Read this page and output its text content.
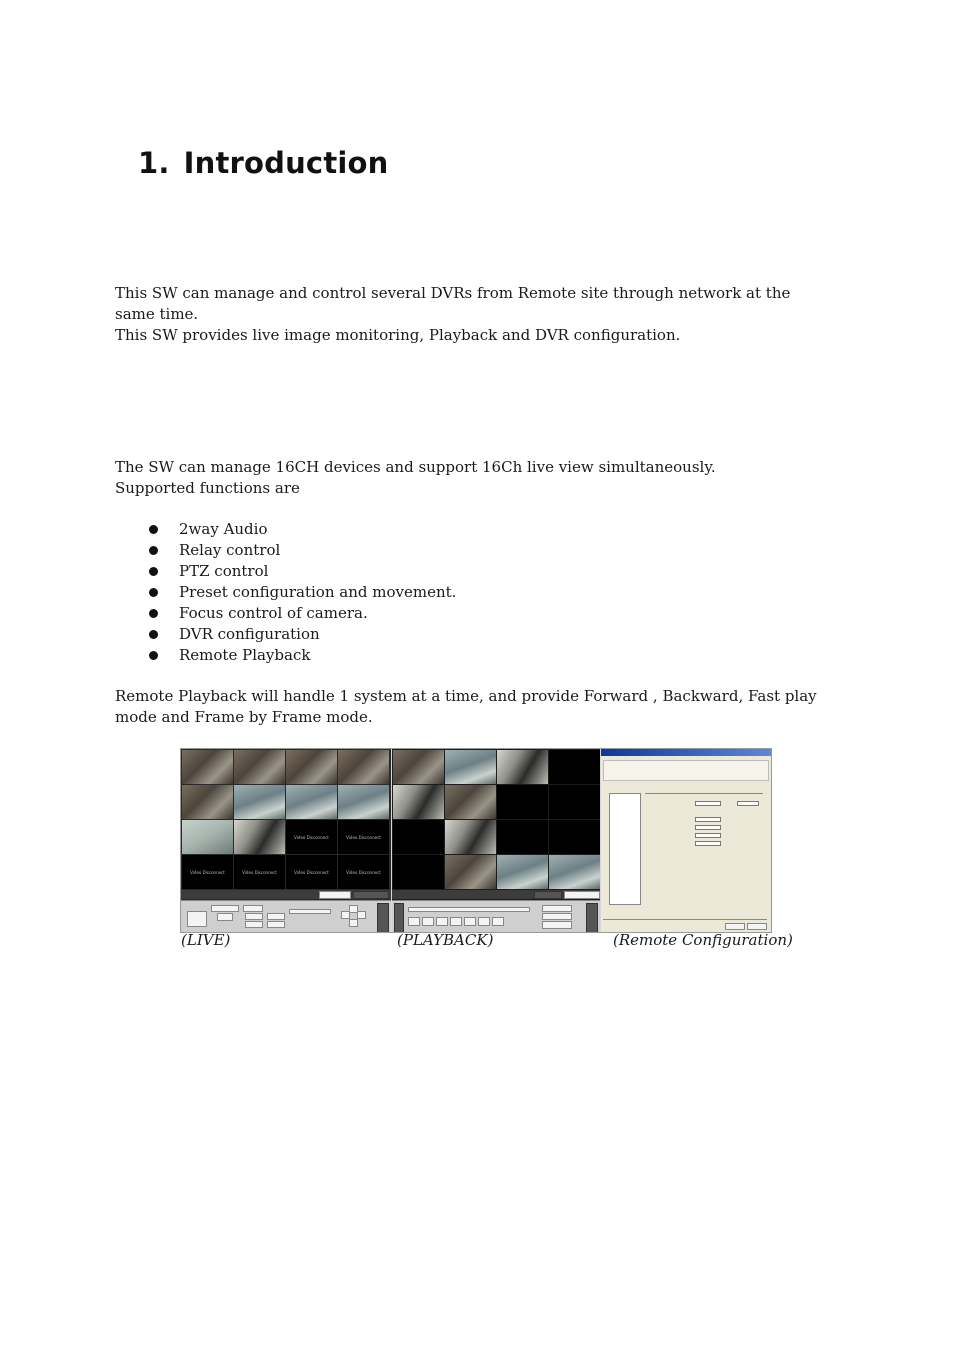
1. Introduction

This SW can manage and control several DVRs from Remote site through network at the

same time.

This SW provides live image monitoring, Playback and DVR configuration.

The SW can manage 16CH devices and support 16Ch live view simultaneously.

Supported functions are

2way Audio
Relay control
PTZ control
Preset configuration and movement.
Focus control of camera.
DVR configuration
Remote Playback

Remote Playback will handle 1 system at a time, and provide Forward , Backward, Fast play

mode and Frame by Frame mode.

Video Disconnect	Video Disconnect
Video Disconnect	Video Disconnect	Video Disconnect	Video Disconnect
(LIVE)	(PLAYBACK)	(Remote Configuration)
